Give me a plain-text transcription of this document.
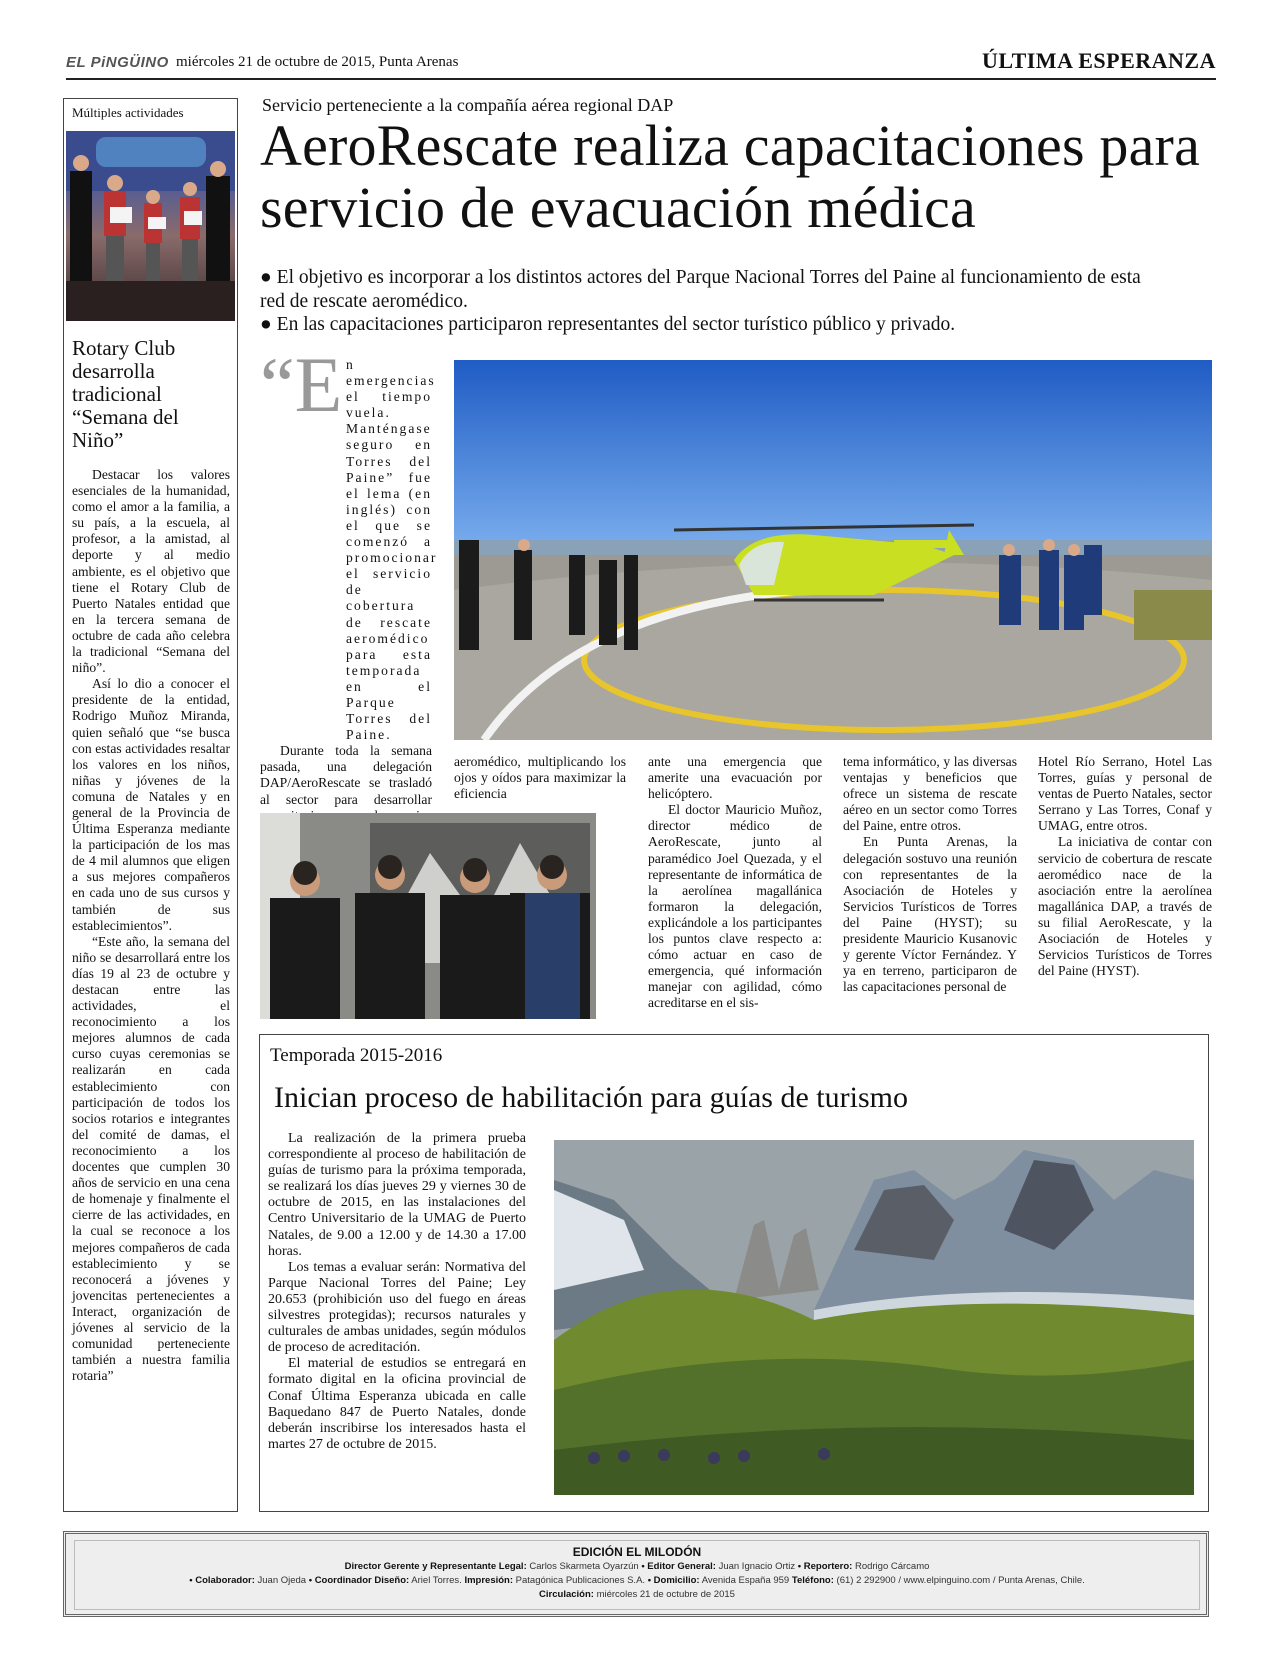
EL PiNGÜINO miércoles 21 de octubre de 2015, Punta Arenas	ÚLTIMA ESPERANZA
Múltiples actividades
Rotary Club desarrolla tradicional “Semana del Niño”

Destacar los valores esenciales de la humanidad, como el amor a la familia, a su país, a la escuela, al profesor, a la amistad, al deporte y al medio ambiente, es el objetivo que tiene el Rotary Club de Puerto Natales entidad que en la tercera semana de octubre de cada año celebra la tradicional “Semana del niño”.

Así lo dio a conocer el presidente de la entidad, Rodrigo Muñoz Miranda, quien señaló que “se busca con estas actividades resaltar los valores en los niños, niñas y jóvenes de la comuna de Natales y en general de la Provincia de Última Esperanza mediante la participación de los mas de 4 mil alumnos que eligen a sus mejores compañeros en cada uno de sus cursos y también de sus establecimientos”.

“Este año, la semana del niño se desarrollará entre los días 19 al 23 de octubre y destacan entre las actividades, el reconocimiento a los mejores alumnos de cada curso cuyas ceremonias se realizarán en cada establecimiento con participación de todos los socios rotarios e integrantes del comité de damas, el reconocimiento a los docentes que cumplen 30 años de servicio en una cena de homenaje y finalmente el cierre de las actividades, en la cual se reconoce a los mejores compañeros de cada establecimiento y se reconocerá a jóvenes y jovencitas pertenecientes a Interact, organización de jóvenes al servicio de la comunidad perteneciente también a nuestra familia rotaria”

Servicio perteneciente a la compañía aérea regional DAP
AeroRescate realiza capacitaciones para servicio de evacuación médica
● El objetivo es incorporar a los distintos actores del Parque Nacional Torres del Paine al funcionamiento de esta red de rescate aeromédico.
● En las capacitaciones participaron representantes del sector turístico público y privado.
“E n emergencias el tiempo vuela. Manténgase seguro en Torres del Paine” fue el lema (en inglés) con el que se comenzó a promocionar el servicio de cobertura de rescate aeromédico para esta temporada en el Parque Torres del Paine.

Durante toda la semana pasada, una delegación DAP/AeroRescate se trasladó al sector para desarrollar

aeromédico, multiplicando los ojos y oídos para maximizar la eficiencia

ante una emergencia que amerite una evacuación por helicóptero.

El doctor Mauricio Muñoz, director médico de AeroRescate, junto al paramédico Joel Quezada, y el representante de informática de la aerolínea magallánica formaron la delegación, explicándole a los participantes los puntos clave respecto a: cómo actuar en caso de emergencia, qué información manejar con agilidad, cómo acreditarse en el sis-

tema informático, y las diversas ventajas y beneficios que ofrece un sistema de rescate aéreo en un sector como Torres del Paine, entre otros.

En Punta Arenas, la delegación sostuvo una reunión con representantes de la Asociación de Hoteles y Servicios Turísticos de Torres del Paine (HYST); su presidente Mauricio Kusanovic y gerente Víctor Fernández. Y ya en terreno, participaron de las capacitaciones personal de

Hotel Río Serrano, Hotel Las Torres, guías y personal de ventas de Puerto Natales, sector Serrano y Las Torres, Conaf y UMAG, entre otros.

La iniciativa de contar con servicio de cobertura de rescate aeromédico nace de la asociación entre la aerolínea magallánica DAP, a través de su filial AeroRescate, y la Asociación de Hoteles y Servicios Turísticos de Torres del Paine (HYST).

Temporada 2015-2016
Inician proceso de habilitación para guías de turismo

La realización de la primera prueba correspondiente al proceso de habilitación de guías de turismo para la próxima temporada, se realizará los días jueves 29 y viernes 30 de octubre de 2015, en las instalaciones del Centro Universitario de la UMAG de Puerto Natales, de 9.00 a 12.00 y de 14.30 a 17.00 horas.

Los temas a evaluar serán: Normativa del Parque Nacional Torres del Paine; Ley 20.653 (prohibición uso del fuego en áreas silvestres protegidas); recursos naturales y culturales de ambas unidades, según módulos de proceso de acreditación.

El material de estudios se entregará en formato digital en la oficina provincial de Conaf Última Esperanza ubicada en calle Baquedano 847 de Puerto Natales, donde deberán inscribirse los interesados hasta el martes 27 de octubre de 2015.

EDICIÓN EL MILODÓN
Director Gerente y Representante Legal: Carlos Skarmeta Oyarzún • Editor General: Juan Ignacio Ortiz • Reportero: Rodrigo Cárcamo
• Colaborador: Juan Ojeda • Coordinador Diseño: Ariel Torres. Impresión: Patagónica Publicaciones S.A. • Domicilio: Avenida España 959 Teléfono: (61) 2 292900 / www.elpinguino.com / Punta Arenas, Chile.
Circulación: miércoles 21 de octubre de 2015
